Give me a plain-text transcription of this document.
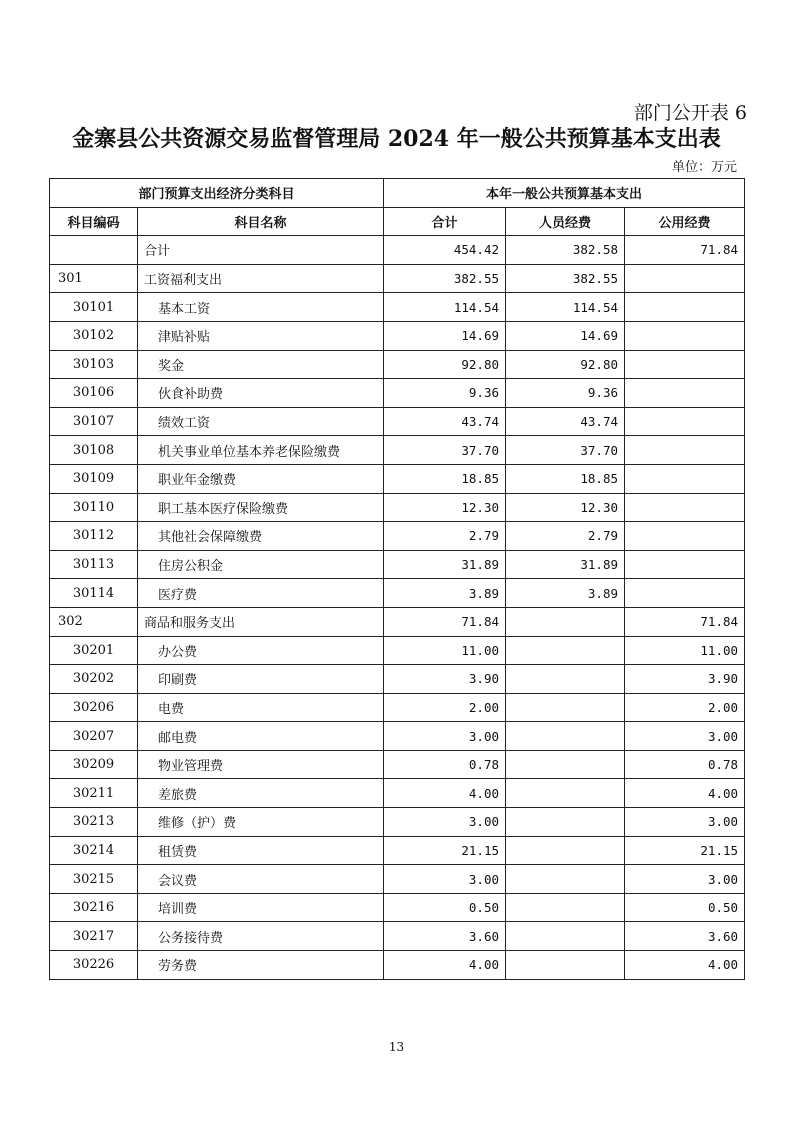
部门公开表 6
金寨县公共资源交易监督管理局 2024 年一般公共预算基本支出表
单位：万元
部门预算支出经济分类科目		本年一般公共预算基本支出		
科目编码	科目名称	合计	人员经费	公用经费
	合计	454.42	382.58	71.84
301	工资福利支出	382.55	382.55	
30101	基本工资	114.54	114.54	
30102	津贴补贴	14.69	14.69	
30103	奖金	92.80	92.80	
30106	伙食补助费	9.36	9.36	
30107	绩效工资	43.74	43.74	
30108	机关事业单位基本养老保险缴费	37.70	37.70	
30109	职业年金缴费	18.85	18.85	
30110	职工基本医疗保险缴费	12.30	12.30	
30112	其他社会保障缴费	2.79	2.79	
30113	住房公积金	31.89	31.89	
30114	医疗费	3.89	3.89	
302	商品和服务支出	71.84		71.84
30201	办公费	11.00		11.00
30202	印刷费	3.90		3.90
30206	电费	2.00		2.00
30207	邮电费	3.00		3.00
30209	物业管理费	0.78		0.78
30211	差旅费	4.00		4.00
30213	维修（护）费	3.00		3.00
30214	租赁费	21.15		21.15
30215	会议费	3.00		3.00
30216	培训费	0.50		0.50
30217	公务接待费	3.60		3.60
30226	劳务费	4.00		4.00
13
